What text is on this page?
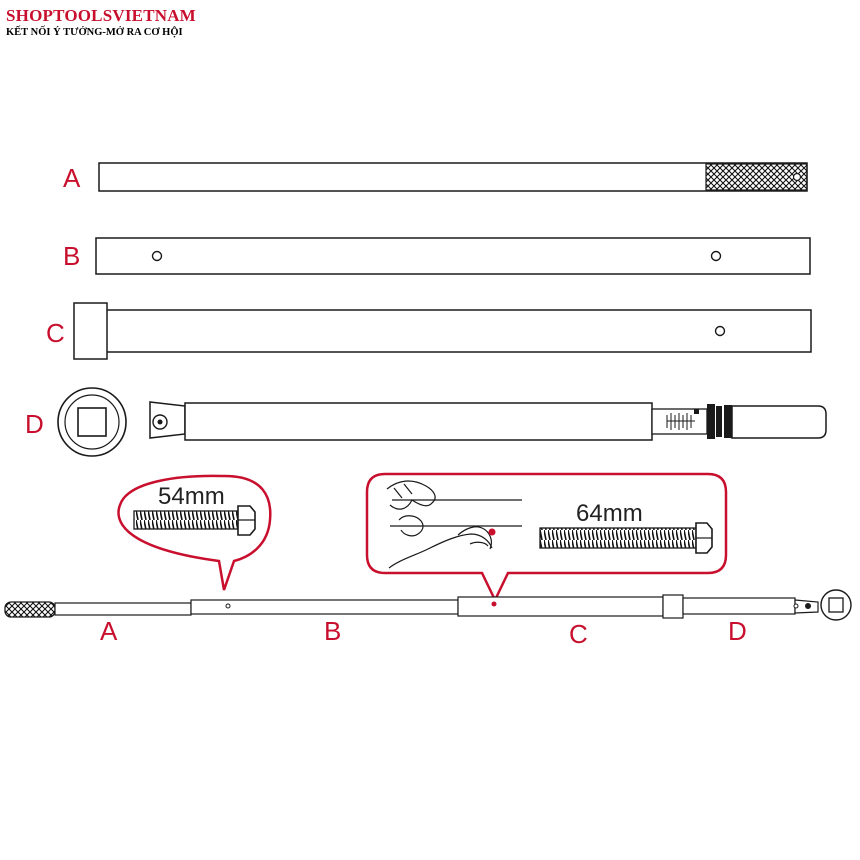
SHOPTOOLSVIETNAM
KẾT NỐI Ý TƯỞNG-MỞ RA CƠ HỘI
A
B
C
D
54mm
64mm
A	B	C	D
